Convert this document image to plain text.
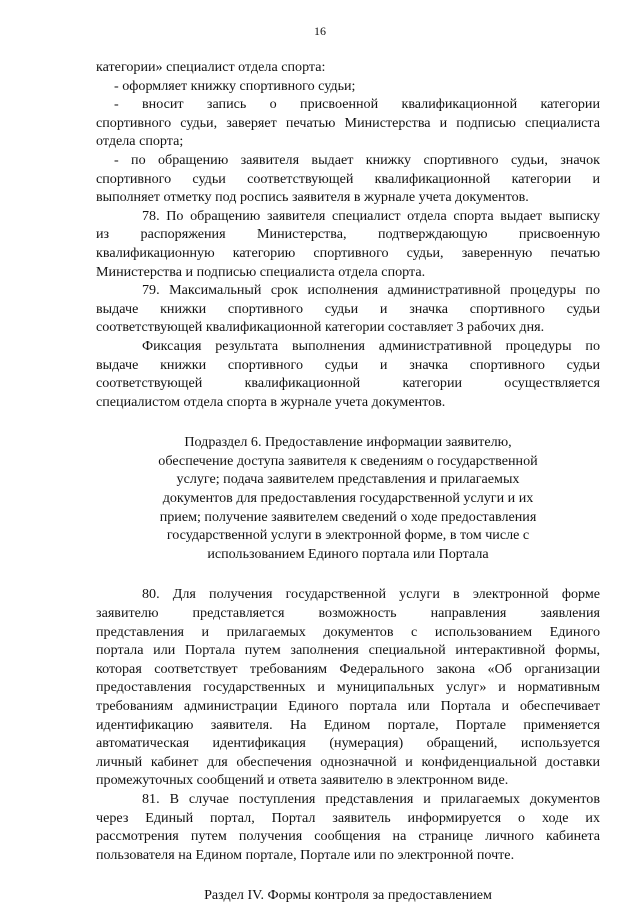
16
категории» специалист отдела спорта:
- оформляет книжку спортивного судьи;
- вносит запись о присвоенной квалификационной категории
спортивного судьи, заверяет печатью Министерства и подписью специалиста
отдела спорта;
- по обращению заявителя выдает книжку спортивного судьи, значок
спортивного судьи соответствующей квалификационной категории и
выполняет отметку под роспись заявителя в журнале учета документов.
78. По обращению заявителя специалист отдела спорта выдает выписку
из распоряжения Министерства, подтверждающую присвоенную
квалификационную категорию спортивного судьи, заверенную печатью
Министерства и подписью специалиста отдела спорта.
79. Максимальный срок исполнения административной процедуры по
выдаче книжки спортивного судьи и значка спортивного судьи
соответствующей квалификационной категории составляет 3 рабочих дня.
Фиксация результата выполнения административной процедуры по
выдаче книжки спортивного судьи и значка спортивного судьи
соответствующей квалификационной категории осуществляется
специалистом отдела спорта в журнале учета документов.
Подраздел 6. Предоставление информации заявителю,
обеспечение доступа заявителя к сведениям о государственной
услуге; подача заявителем представления и прилагаемых
документов для предоставления государственной услуги и их
прием; получение заявителем сведений о ходе предоставления
государственной услуги в электронной форме, в том числе с
использованием Единого портала или Портала
80. Для получения государственной услуги в электронной форме
заявителю представляется возможность направления заявления
представления и прилагаемых документов с использованием Единого
портала или Портала путем заполнения специальной интерактивной формы,
которая соответствует требованиям Федерального закона «Об организации
предоставления государственных и муниципальных услуг» и нормативным
требованиям администрации Единого портала или Портала и обеспечивает
идентификацию заявителя. На Едином портале, Портале применяется
автоматическая идентификация (нумерация) обращений, используется
личный кабинет для обеспечения однозначной и конфиденциальной доставки
промежуточных сообщений и ответа заявителю в электронном виде.
81. В случае поступления представления и прилагаемых документов
через Единый портал, Портал заявитель информируется о ходе их
рассмотрения путем получения сообщения на странице личного кабинета
пользователя на Едином портале, Портале или по электронной почте.
Раздел IV. Формы контроля за предоставлением
